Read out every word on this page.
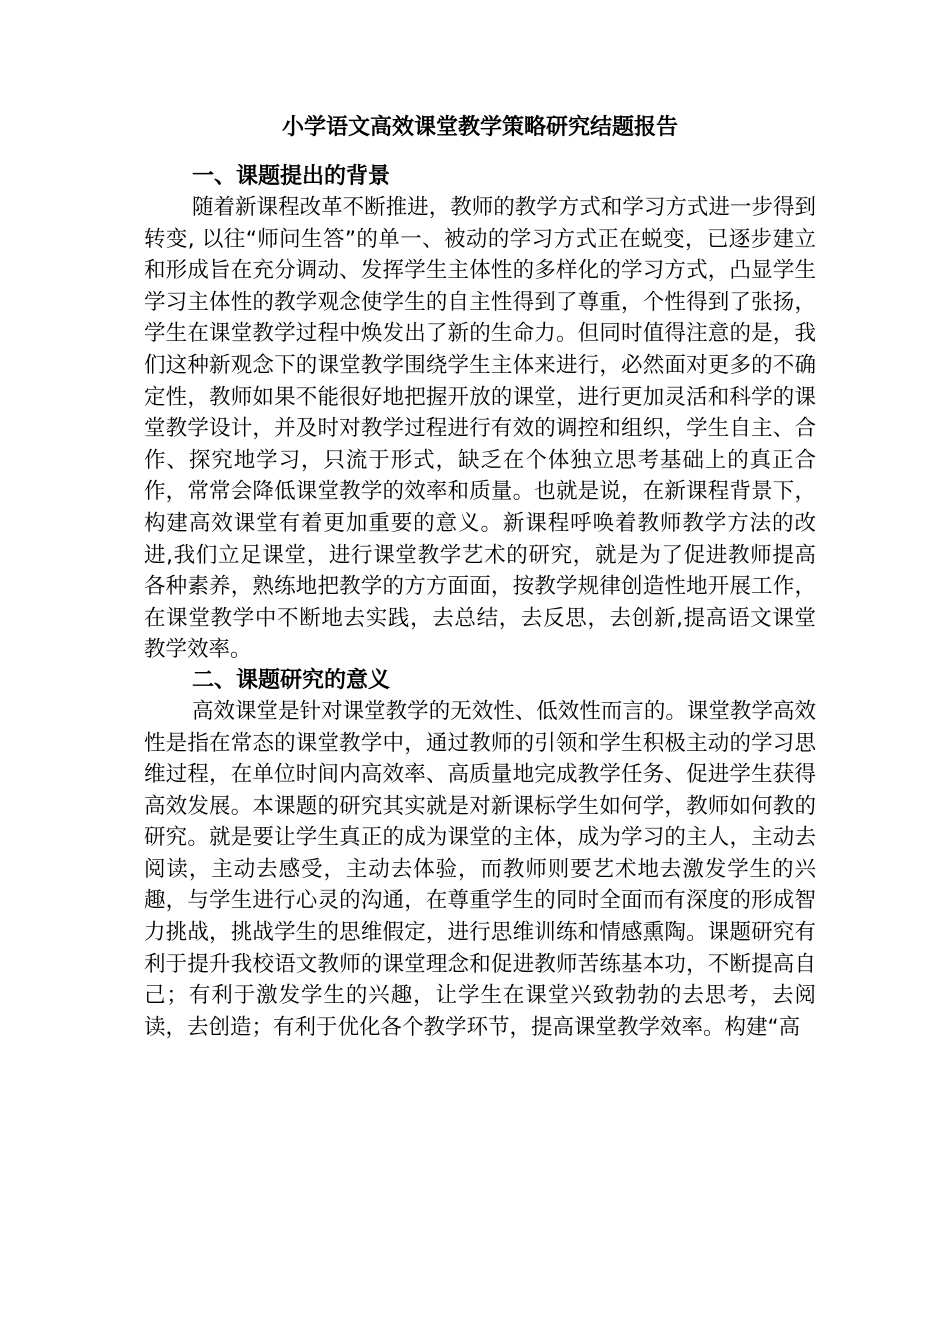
小学语文高效课堂教学策略研究结题报告
一、课题提出的背景

随着新课程改革不断推进，教师的教学方式和学习方式进一步得到转变, 以往“师问生答”的单一、被动的学习方式正在蜕变，已逐步建立和形成旨在充分调动、发挥学生主体性的多样化的学习方式，凸显学生学习主体性的教学观念使学生的自主性得到了尊重，个性得到了张扬，学生在课堂教学过程中焕发出了新的生命力。但同时值得注意的是，我们这种新观念下的课堂教学围绕学生主体来进行，必然面对更多的不确定性，教师如果不能很好地把握开放的课堂，进行更加灵活和科学的课堂教学设计，并及时对教学过程进行有效的调控和组织，学生自主、合作、探究地学习，只流于形式，缺乏在个体独立思考基础上的真正合作，常常会降低课堂教学的效率和质量。也就是说，在新课程背景下，构建高效课堂有着更加重要的意义。新课程呼唤着教师教学方法的改进,我们立足课堂，进行课堂教学艺术的研究，就是为了促进教师提高各种素养，熟练地把教学的方方面面，按教学规律创造性地开展工作，在课堂教学中不断地去实践，去总结，去反思，去创新,提高语文课堂教学效率。

二、课题研究的意义

高效课堂是针对课堂教学的无效性、低效性而言的。课堂教学高效性是指在常态的课堂教学中，通过教师的引领和学生积极主动的学习思维过程，在单位时间内高效率、高质量地完成教学任务、促进学生获得高效发展。本课题的研究其实就是对新课标学生如何学，教师如何教的研究。就是要让学生真正的成为课堂的主体，成为学习的主人，主动去阅读，主动去感受，主动去体验，而教师则要艺术地去激发学生的兴趣，与学生进行心灵的沟通，在尊重学生的同时全面而有深度的形成智力挑战，挑战学生的思维假定，进行思维训练和情感熏陶。课题研究有利于提升我校语文教师的课堂理念和促进教师苦练基本功，不断提高自己；有利于激发学生的兴趣，让学生在课堂兴致勃勃的去思考，去阅读，去创造；有利于优化各个教学环节，提高课堂教学效率。构建“高
